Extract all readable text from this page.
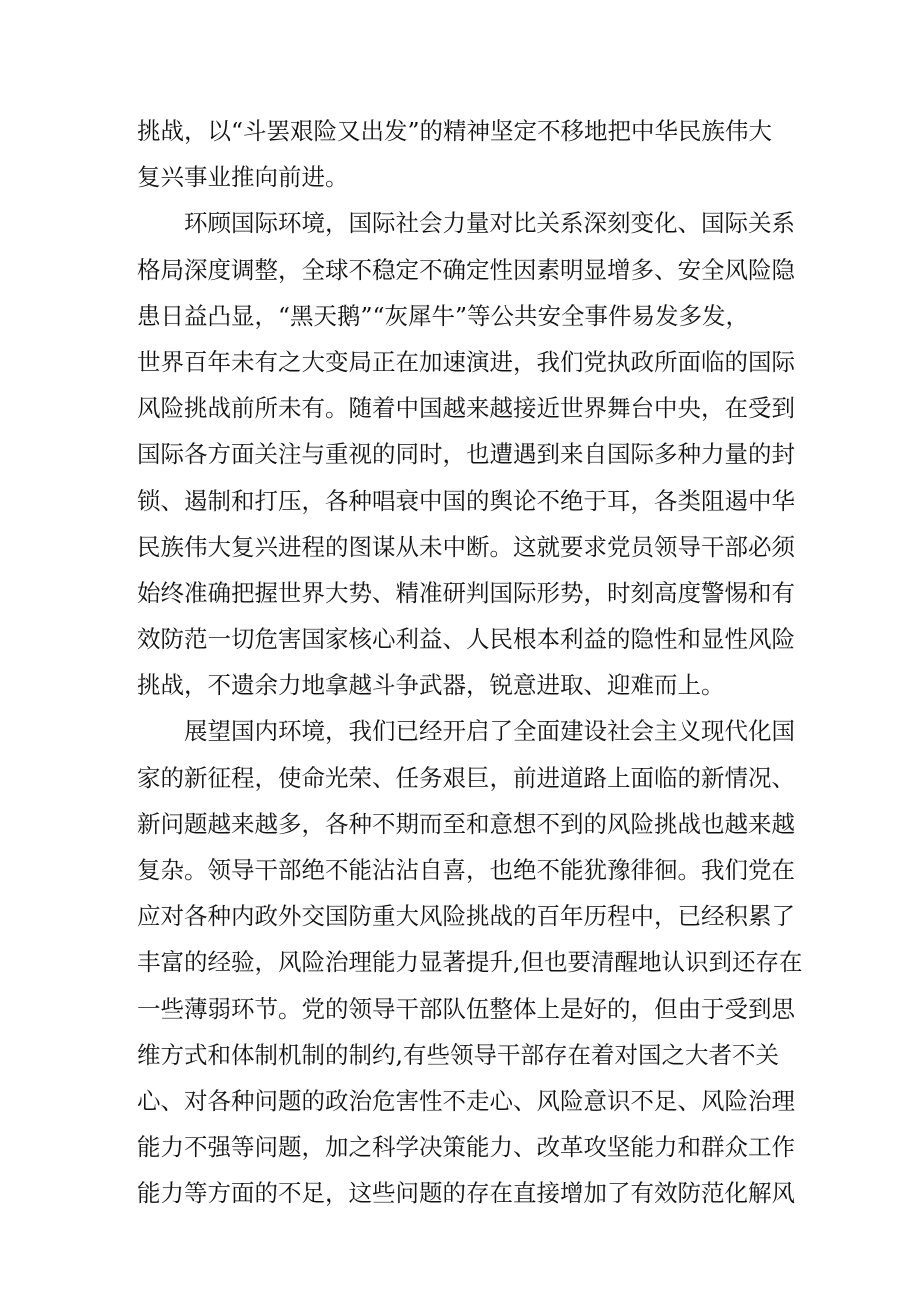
挑战，以“斗罢艰险又出发”的精神坚定不移地把中华民族伟大
复兴事业推向前进。
环顾国际环境，国际社会力量对比关系深刻变化、国际关系
格局深度调整，全球不稳定不确定性因素明显增多、安全风险隐
患日益凸显，“黑天鹅”“灰犀牛”等公共安全事件易发多发，
世界百年未有之大变局正在加速演进，我们党执政所面临的国际
风险挑战前所未有。随着中国越来越接近世界舞台中央，在受到
国际各方面关注与重视的同时，也遭遇到来自国际多种力量的封
锁、遏制和打压，各种唱衰中国的舆论不绝于耳，各类阻遏中华
民族伟大复兴进程的图谋从未中断。这就要求党员领导干部必须
始终准确把握世界大势、精准研判国际形势，时刻高度警惕和有
效防范一切危害国家核心利益、人民根本利益的隐性和显性风险
挑战，不遗余力地拿越斗争武器，锐意进取、迎难而上。
展望国内环境，我们已经开启了全面建设社会主义现代化国
家的新征程，使命光荣、任务艰巨，前进道路上面临的新情况、
新问题越来越多，各种不期而至和意想不到的风险挑战也越来越
复杂。领导干部绝不能沾沾自喜，也绝不能犹豫徘徊。我们党在
应对各种内政外交国防重大风险挑战的百年历程中，已经积累了
丰富的经验，风险治理能力显著提升,但也要清醒地认识到还存在
一些薄弱环节。党的领导干部队伍整体上是好的，但由于受到思
维方式和体制机制的制约,有些领导干部存在着对国之大者不关
心、对各种问题的政治危害性不走心、风险意识不足、风险治理
能力不强等问题，加之科学决策能力、改革攻坚能力和群众工作
能力等方面的不足，这些问题的存在直接增加了有效防范化解风
